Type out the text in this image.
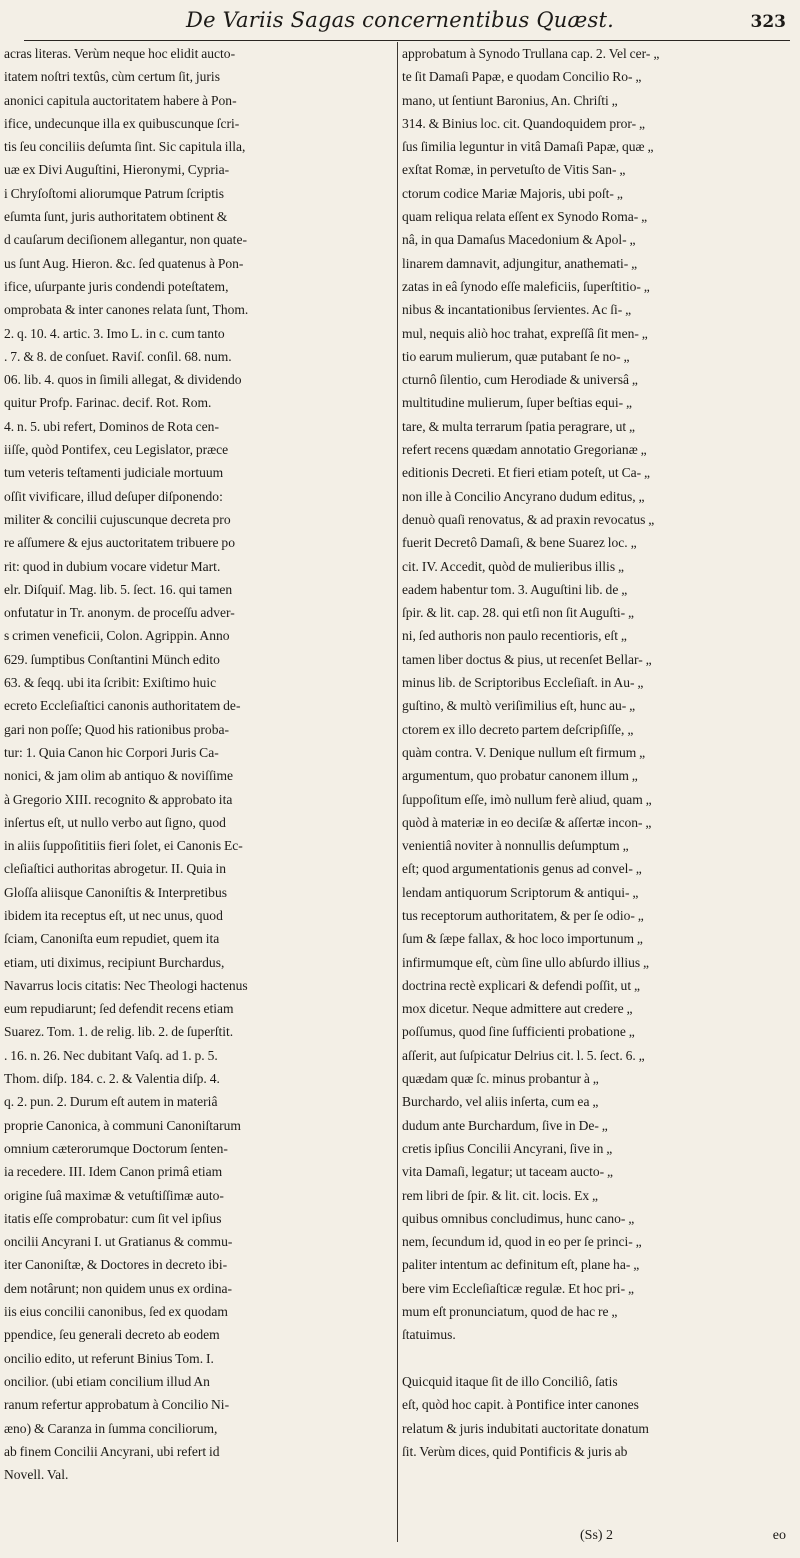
De Variis Sagas concernentibus Quæst.	323
acras literas. Verùm neque hoc elidit aucto-
itatem noſtri textûs, cùm certum ſit, juris
anonici capitula auctoritatem habere à Pon-
ifice, undecunque illa ex quibuscunque ſcri-
tis ſeu conciliis deſumta ſint. Sic capitula illa,
uæ ex Divi Auguſtini, Hieronymi, Cypria-
i Chryſoſtomi aliorumque Patrum ſcriptis
eſumta ſunt, juris authoritatem obtinent &
d cauſarum deciſionem allegantur, non quate-
us ſunt Aug. Hieron. &c. ſed quatenus à Pon-
ifice, uſurpante juris condendi poteſtatem,
omprobata & inter canones relata ſunt, Thom.
2. q. 10. 4. artic. 3. Imo L. in c. cum tanto
. 7. & 8. de conſuet. Raviſ. conſil. 68. num.
06. lib. 4. quos in ſimili allegat, & dividendo
quitur Profp. Farinac. decif. Rot. Rom.
4. n. 5. ubi refert, Dominos de Rota cen-
iiſſe, quòd Pontifex, ceu Legislator, præce
tum veteris teſtamenti judiciale mortuum
oſſit vivificare, illud deſuper diſponendo:
militer & concilii cujuscunque decreta pro
re aſſumere & ejus auctoritatem tribuere po
rit: quod in dubium vocare videtur Mart.
elr. Diſquiſ. Mag. lib. 5. ſect. 16. qui tamen
onfutatur in Tr. anonym. de proceſſu adver-
s crimen veneficii, Colon. Agrippin. Anno
629. ſumptibus Conſtantini Münch edito
63. & ſeqq. ubi ita ſcribit: Exiſtimo huic
ecreto Eccleſiaſtici canonis authoritatem de-
gari non poſſe; Quod his rationibus proba-
tur: 1. Quia Canon hic Corpori Juris Ca-
nonici, & jam olim ab antiquo & noviſſime
à Gregorio XIII. recognito & approbato ita
inſertus eſt, ut nullo verbo aut ſigno, quod
in aliis ſuppoſititiis fieri ſolet, ei Canonis Ec-
cleſiaſtici authoritas abrogetur. II. Quia in
Gloſſa aliisque Canoniſtis & Interpretibus
ibidem ita receptus eſt, ut nec unus, quod
ſciam, Canoniſta eum repudiet, quem ita
etiam, uti diximus, recipiunt Burchardus,
Navarrus locis citatis: Nec Theologi hactenus
eum repudiarunt; ſed defendit recens etiam
Suarez. Tom. 1. de relig. lib. 2. de ſuperſtit.
. 16. n. 26. Nec dubitant Vaſq. ad 1. p. 5.
Thom. diſp. 184. c. 2. & Valentia diſp. 4.
q. 2. pun. 2. Durum eſt autem in materiâ
proprie Canonica, à communi Canoniſtarum
omnium cæterorumque Doctorum ſenten-
ia recedere. III. Idem Canon primâ etiam
origine ſuâ maximæ & vetuſtiſſimæ auto-
itatis eſſe comprobatur: cum ſit vel ipſius
oncilii Ancyrani I. ut Gratianus & commu-
iter Canoniſtæ, & Doctores in decreto ibi-
dem notârunt; non quidem unus ex ordina-
iis eius concilii canonibus, ſed ex quodam
ppendice, ſeu generali decreto ab eodem
oncilio edito, ut referunt Binius Tom. I.
oncilior. (ubi etiam concilium illud An
ranum refertur approbatum à Concilio Ni-
æno) & Caranza in ſumma conciliorum,
ab finem Concilii Ancyrani, ubi refert id
Novell. Val.
approbatum à Synodo Trullana cap. 2. Vel cer- „
te ſit Damaſi Papæ, e quodam Concilio Ro- „
mano, ut ſentiunt Baronius, An. Chriſti „
314. & Binius loc. cit. Quandoquidem pror- „
ſus ſimilia leguntur in vitâ Damaſi Papæ, quæ „
exſtat Romæ, in pervetuſto de Vitis San- „
ctorum codice Mariæ Majoris, ubi poſt- „
quam reliqua relata eſſent ex Synodo Roma- „
nâ, in qua Damaſus Macedonium & Apol- „
linarem damnavit, adjungitur, anathemati- „
zatas in eâ ſynodo eſſe maleficiis, ſuperſtitio- „
nibus & incantationibus ſervientes. Ac ſi- „
mul, nequis aliò hoc trahat, expreſſâ ſit men- „
tio earum mulierum, quæ putabant ſe no- „
cturnô ſilentio, cum Herodiade & universâ „
multitudine mulierum, ſuper beſtias equi- „
tare, & multa terrarum ſpatia peragrare, ut „
refert recens quædam annotatio Gregorianæ „
editionis Decreti. Et fieri etiam poteſt, ut Ca- „
non ille à Concilio Ancyrano dudum editus, „
denuò quaſi renovatus, & ad praxin revocatus „
fuerit Decretô Damaſi, & bene Suarez loc. „
cit. IV. Accedit, quòd de mulieribus illis „
eadem habentur tom. 3. Auguſtini lib. de „
ſpir. & lit. cap. 28. qui etſi non ſit Auguſti- „
ni, ſed authoris non paulo recentioris, eſt „
tamen liber doctus & pius, ut recenſet Bellar- „
minus lib. de Scriptoribus Eccleſiaſt. in Au- „
guſtino, & multò veriſimilius eſt, hunc au- „
ctorem ex illo decreto partem deſcripſiſſe, „
quàm contra. V. Denique nullum eſt firmum „
argumentum, quo probatur canonem illum „
ſuppoſitum eſſe, imò nullum ferè aliud, quam „
quòd à materiæ in eo deciſæ & aſſertæ incon- „
venientiâ noviter à nonnullis deſumptum „
eſt; quod argumentationis genus ad convel- „
lendam antiquorum Scriptorum & antiqui- „
tus receptorum authoritatem, & per ſe odio- „
ſum & ſæpe fallax, & hoc loco importunum „
infirmumque eſt, cùm ſine ullo abſurdo illius „
doctrina rectè explicari & defendi poſſit, ut „
mox dicetur. Neque admittere aut credere „
poſſumus, quod ſine ſufficienti probatione „
aſſerit, aut ſuſpicatur Delrius cit. l. 5. ſect. 6. „
quædam quæ ſc. minus probantur à „
Burchardo, vel aliis inſerta, cum ea „
dudum ante Burchardum, ſive in De- „
cretis ipſius Concilii Ancyrani, ſive in „
vita Damaſi, legatur; ut taceam aucto- „
rem libri de ſpir. & lit. cit. locis. Ex „
quibus omnibus concludimus, hunc cano- „
nem, ſecundum id, quod in eo per ſe princi- „
paliter intentum ac definitum eſt, plane ha- „
bere vim Eccleſiaſticæ regulæ. Et hoc pri- „
mum eſt pronunciatum, quod de hac re „
ſtatuimus.
Quicquid itaque ſit de illo Conciliô, ſatis
eſt, quòd hoc capit. à Pontifice inter canones
relatum & juris indubitati auctoritate donatum
ſit. Verùm dices, quid Pontificis & juris ab
(Ss) 2	eo
